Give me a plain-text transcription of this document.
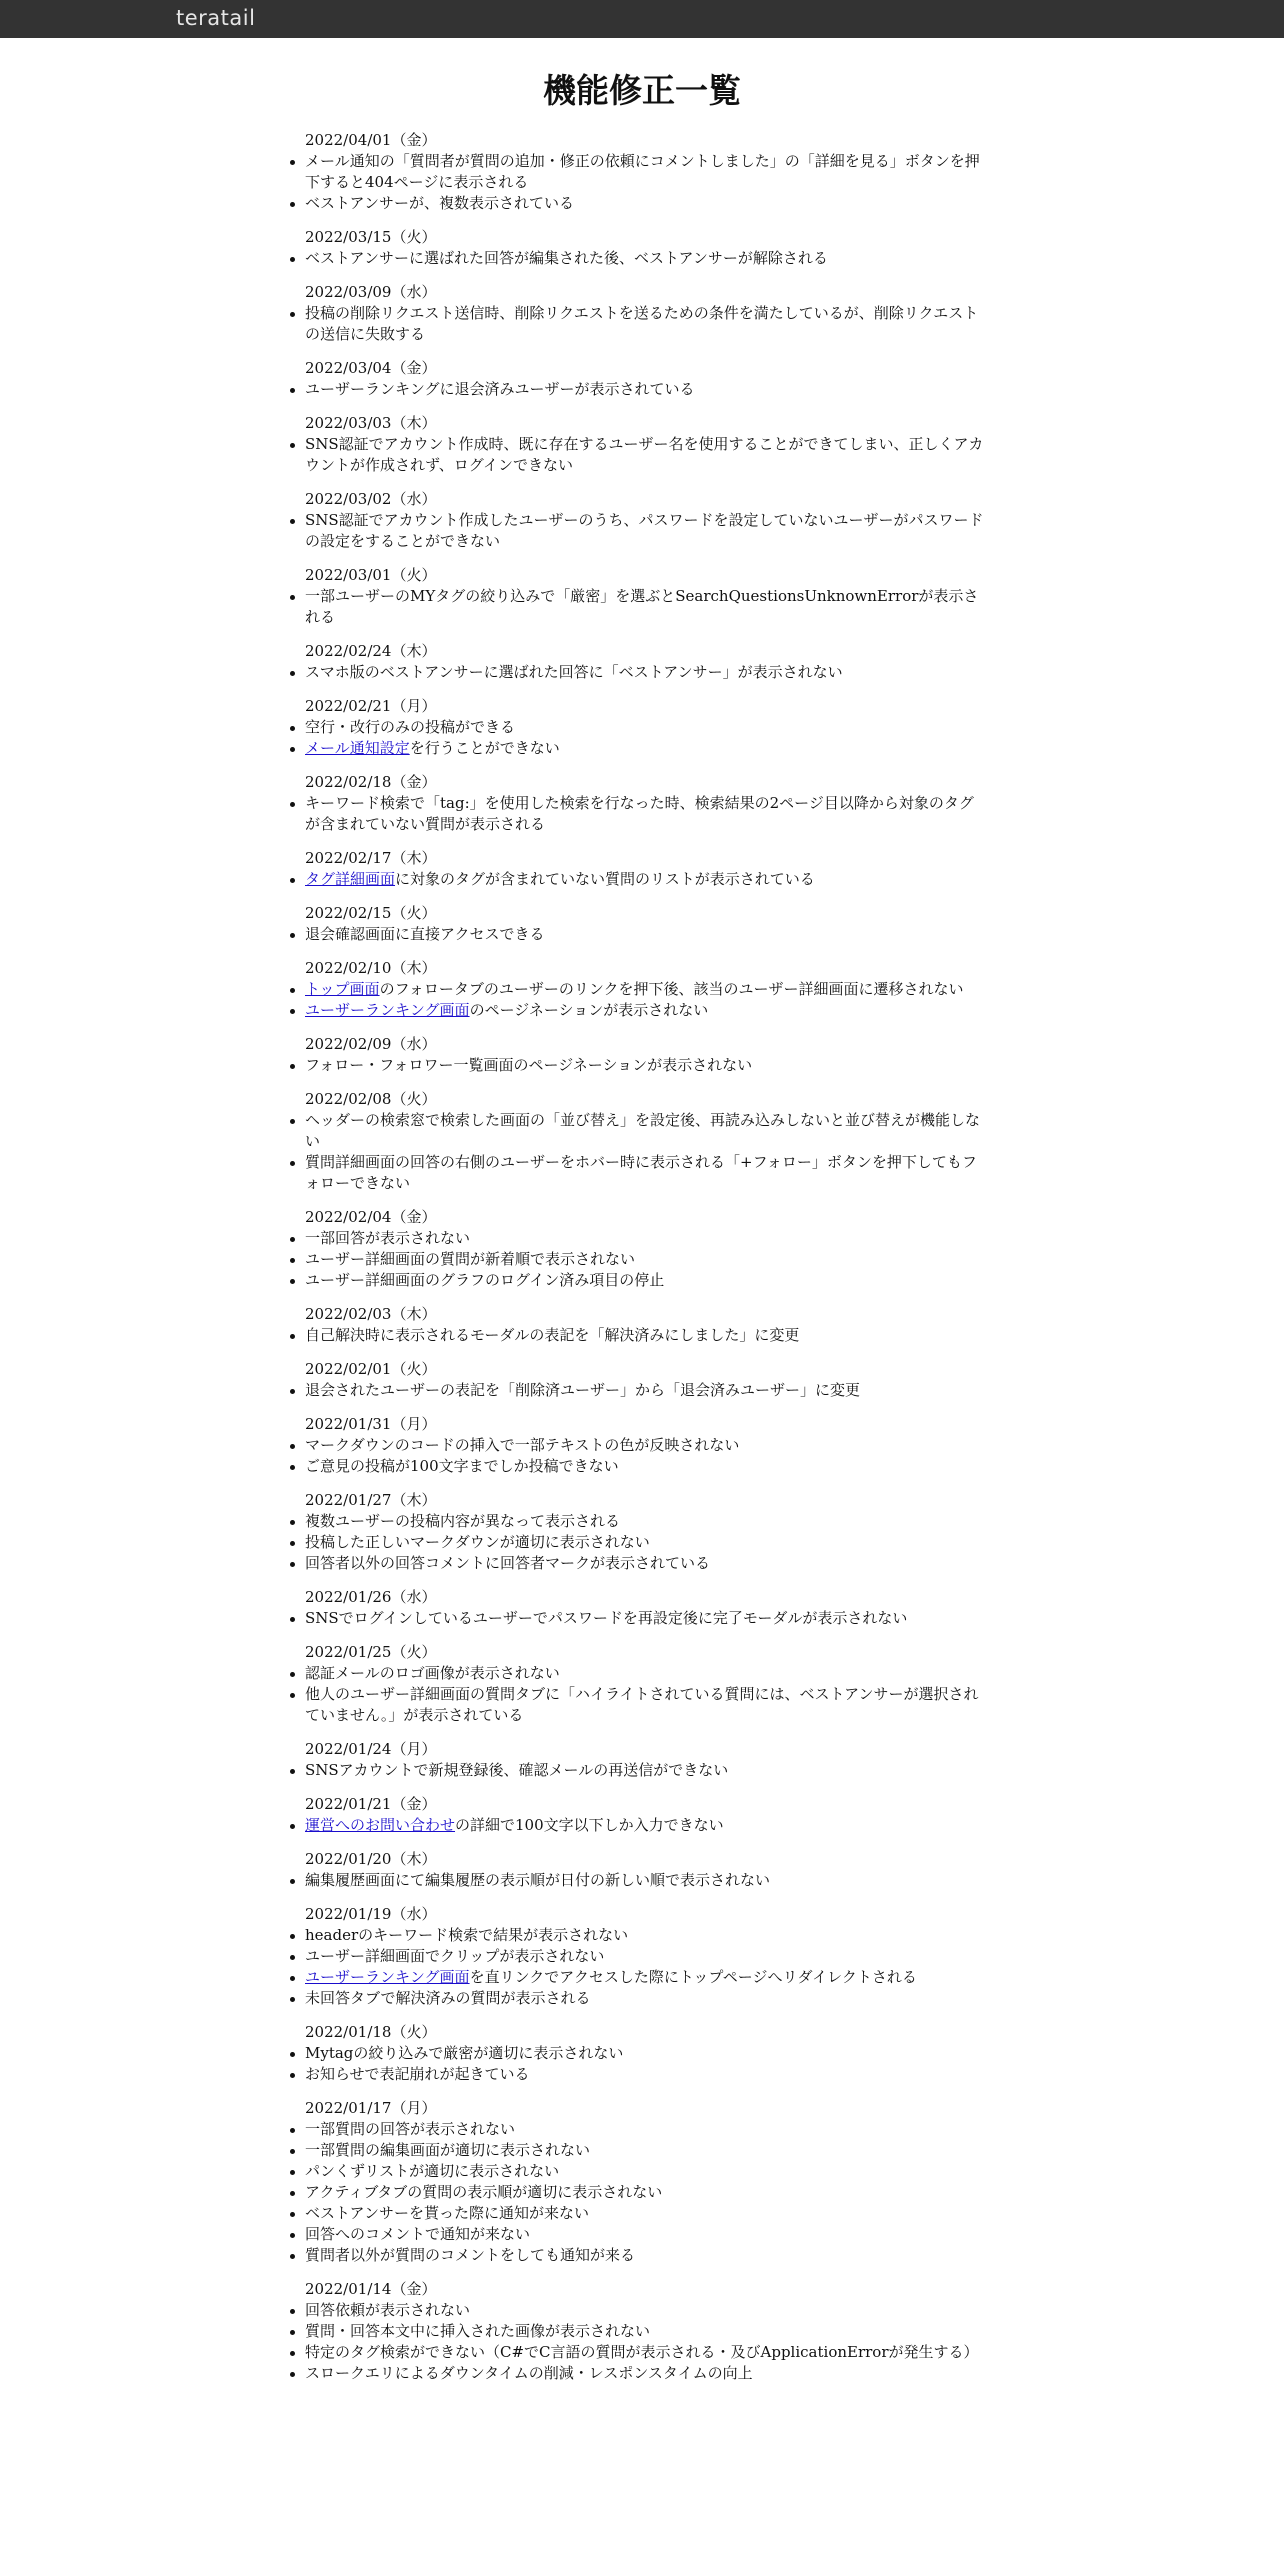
teratail
機能修正一覧
2022/04/01（金）
メール通知の「質問者が質問の追加・修正の依頼にコメントしました」の「詳細を見る」ボタンを押下すると404ページに表示される
ベストアンサーが、複数表示されている
2022/03/15（火）
ベストアンサーに選ばれた回答が編集された後、ベストアンサーが解除される
2022/03/09（水）
投稿の削除リクエスト送信時、削除リクエストを送るための条件を満たしているが、削除リクエストの送信に失敗する
2022/03/04（金）
ユーザーランキングに退会済みユーザーが表示されている
2022/03/03（木）
SNS認証でアカウント作成時、既に存在するユーザー名を使用することができてしまい、正しくアカウントが作成されず、ログインできない
2022/03/02（水）
SNS認証でアカウント作成したユーザーのうち、パスワードを設定していないユーザーがパスワードの設定をすることができない
2022/03/01（火）
一部ユーザーのMYタグの絞り込みで「厳密」を選ぶとSearchQuestionsUnknownErrorが表示される
2022/02/24（木）
スマホ版のベストアンサーに選ばれた回答に「ベストアンサー」が表示されない
2022/02/21（月）
空行・改行のみの投稿ができる
メール通知設定を行うことができない
2022/02/18（金）
キーワード検索で「tag:」を使用した検索を行なった時、検索結果の2ページ目以降から対象のタグが含まれていない質問が表示される
2022/02/17（木）
タグ詳細画面に対象のタグが含まれていない質問のリストが表示されている
2022/02/15（火）
退会確認画面に直接アクセスできる
2022/02/10（木）
トップ画面のフォロータブのユーザーのリンクを押下後、該当のユーザー詳細画面に遷移されない
ユーザーランキング画面のページネーションが表示されない
2022/02/09（水）
フォロー・フォロワー一覧画面のページネーションが表示されない
2022/02/08（火）
ヘッダーの検索窓で検索した画面の「並び替え」を設定後、再読み込みしないと並び替えが機能しない
質問詳細画面の回答の右側のユーザーをホバー時に表示される「+フォロー」ボタンを押下してもフォローできない
2022/02/04（金）
一部回答が表示されない
ユーザー詳細画面の質問が新着順で表示されない
ユーザー詳細画面のグラフのログイン済み項目の停止
2022/02/03（木）
自己解決時に表示されるモーダルの表記を「解決済みにしました」に変更
2022/02/01（火）
退会されたユーザーの表記を「削除済ユーザー」から「退会済みユーザー」に変更
2022/01/31（月）
マークダウンのコードの挿入で一部テキストの色が反映されない
ご意見の投稿が100文字までしか投稿できない
2022/01/27（木）
複数ユーザーの投稿内容が異なって表示される
投稿した正しいマークダウンが適切に表示されない
回答者以外の回答コメントに回答者マークが表示されている
2022/01/26（水）
SNSでログインしているユーザーでパスワードを再設定後に完了モーダルが表示されない
2022/01/25（火）
認証メールのロゴ画像が表示されない
他人のユーザー詳細画面の質問タブに「ハイライトされている質問には、ベストアンサーが選択されていません。」が表示されている
2022/01/24（月）
SNSアカウントで新規登録後、確認メールの再送信ができない
2022/01/21（金）
運営へのお問い合わせの詳細で100文字以下しか入力できない
2022/01/20（木）
編集履歴画面にて編集履歴の表示順が日付の新しい順で表示されない
2022/01/19（水）
headerのキーワード検索で結果が表示されない
ユーザー詳細画面でクリップが表示されない
ユーザーランキング画面を直リンクでアクセスした際にトップページへリダイレクトされる
未回答タブで解決済みの質問が表示される
2022/01/18（火）
Mytagの絞り込みで厳密が適切に表示されない
お知らせで表記崩れが起きている
2022/01/17（月）
一部質問の回答が表示されない
一部質問の編集画面が適切に表示されない
パンくずリストが適切に表示されない
アクティブタブの質問の表示順が適切に表示されない
ベストアンサーを貰った際に通知が来ない
回答へのコメントで通知が来ない
質問者以外が質問のコメントをしても通知が来る
2022/01/14（金）
回答依頼が表示されない
質問・回答本文中に挿入された画像が表示されない
特定のタグ検索ができない（C#でC言語の質問が表示される・及びApplicationErrorが発生する）
スロークエリによるダウンタイムの削減・レスポンスタイムの向上
